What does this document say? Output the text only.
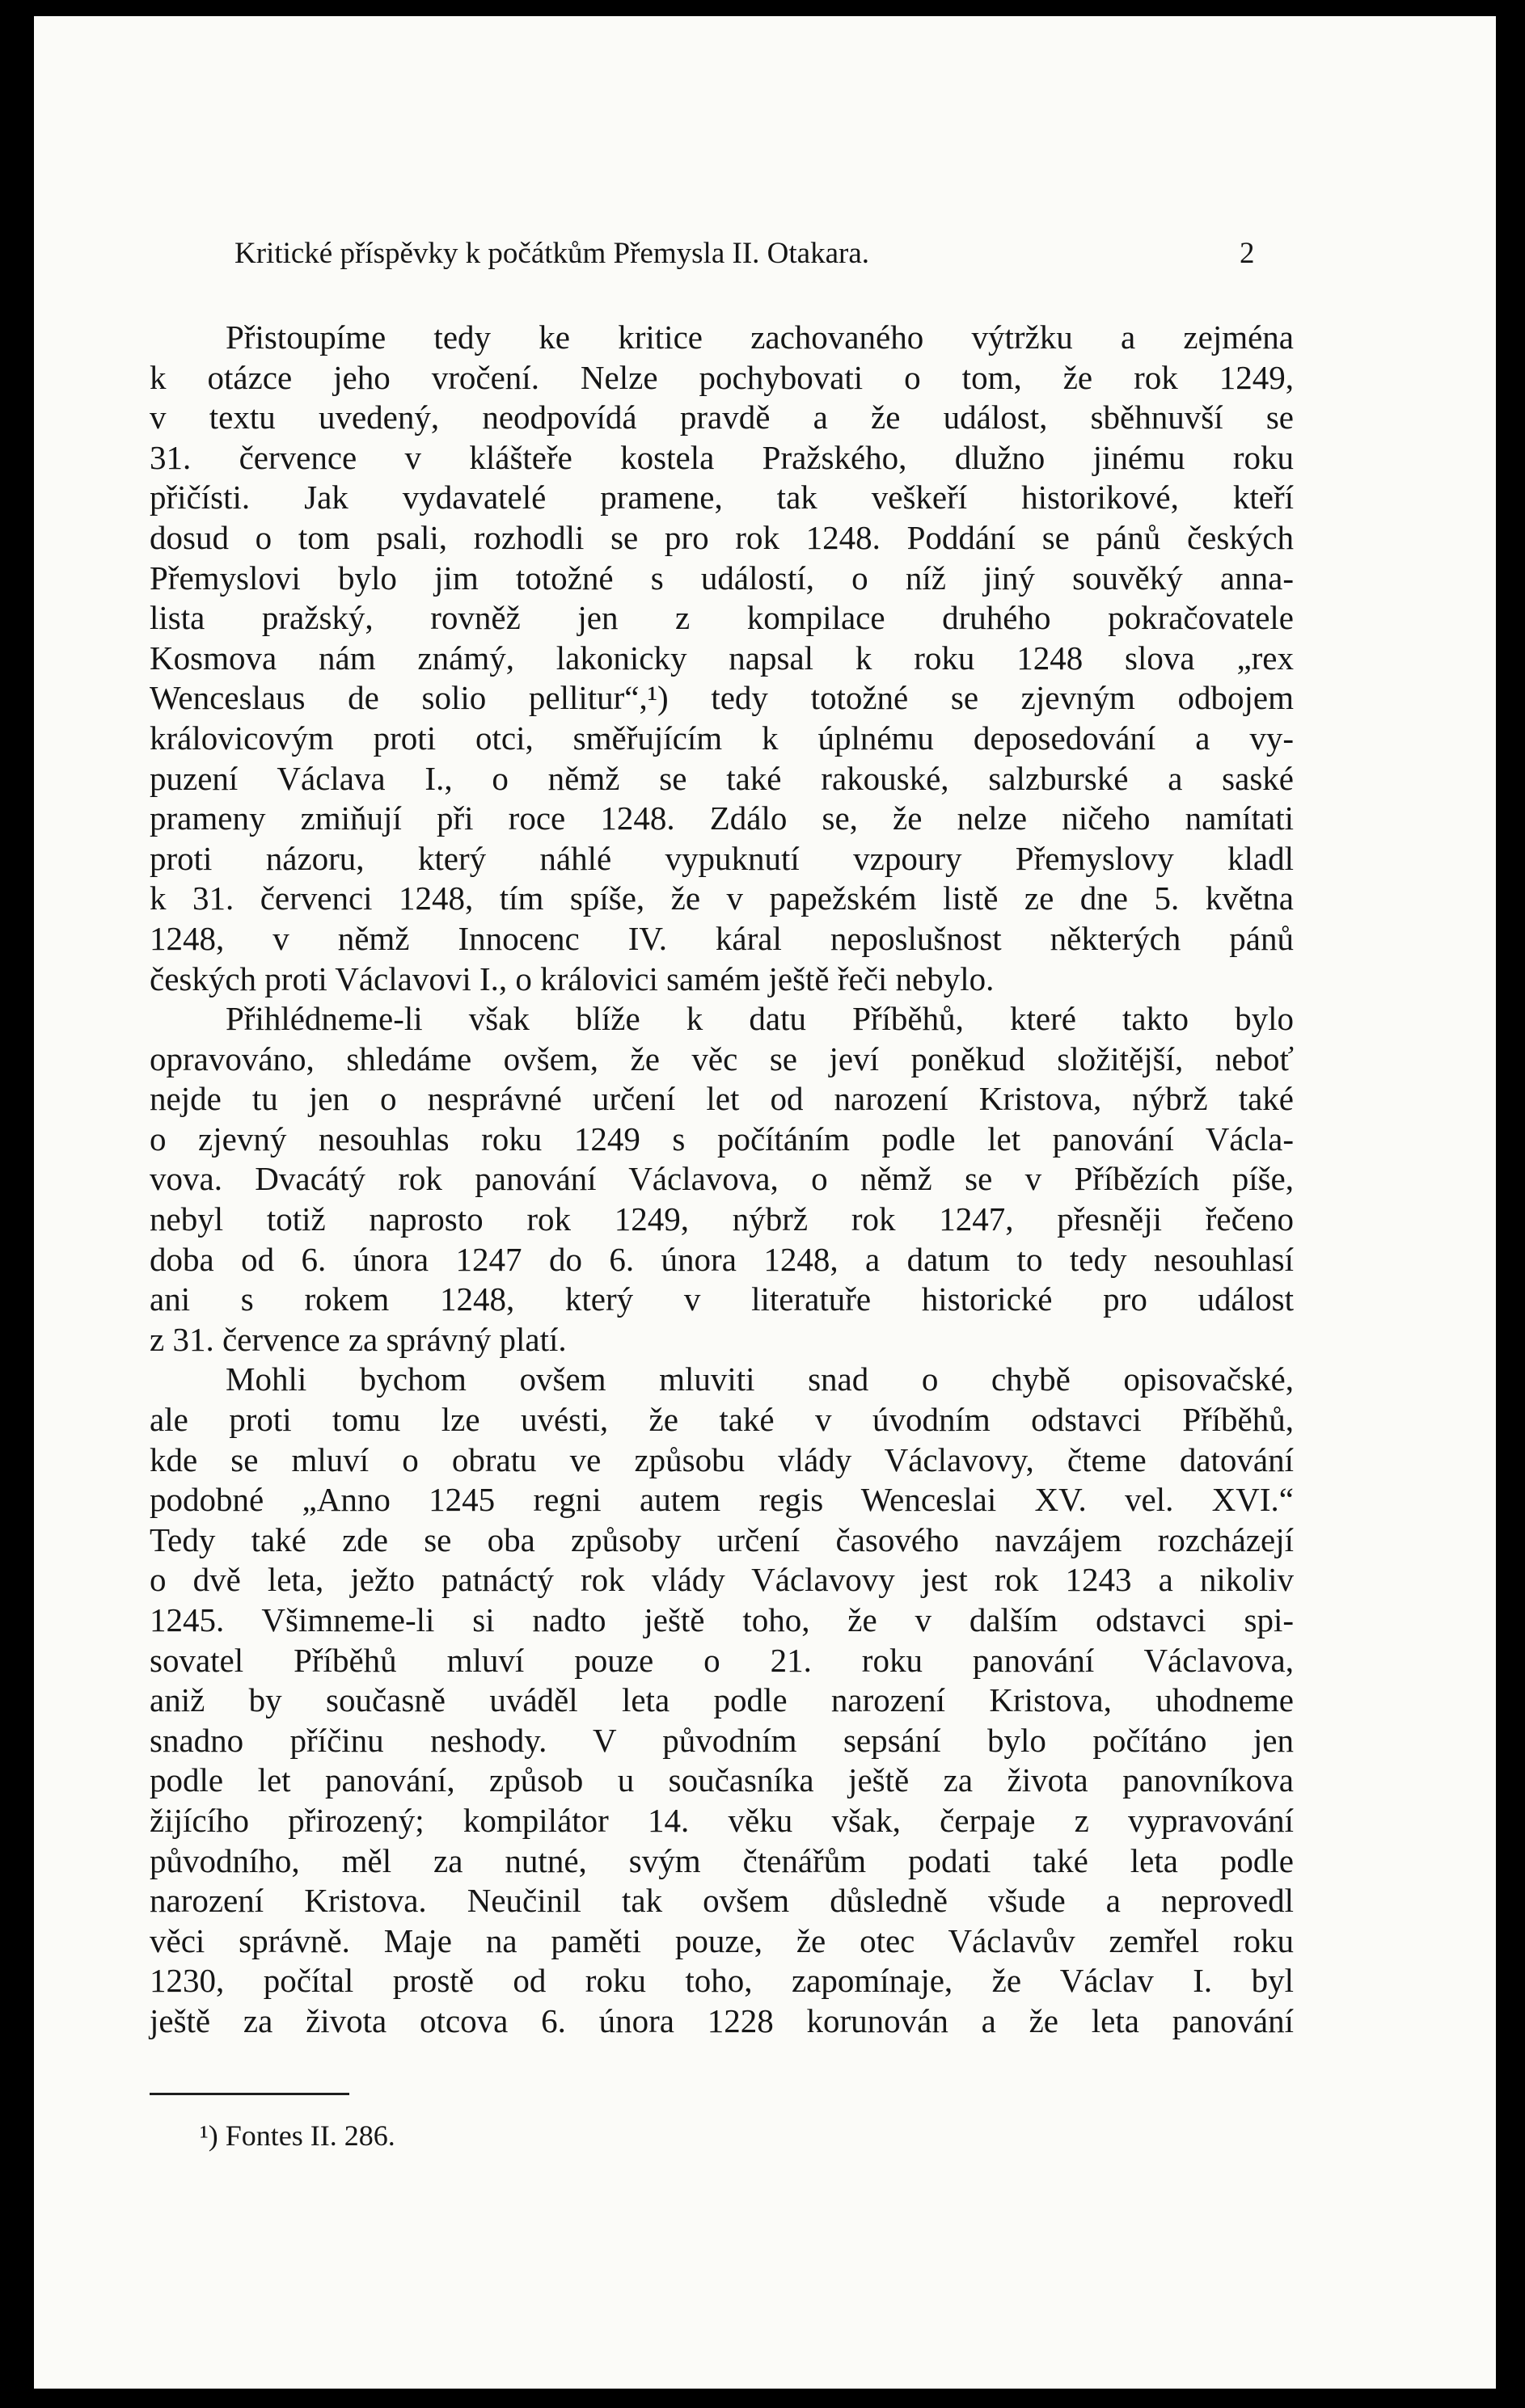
Kritické příspěvky k počátkům Přemysla II. Otakara.	2
Přistoupíme tedy ke kritice zachovaného výtržku a zejména
k otázce jeho vročení. Nelze pochybovati o tom, že rok 1249,
v textu uvedený, neodpovídá pravdě a že událost, sběhnuvší se
31. července v klášteře kostela Pražského, dlužno jinému roku
přičísti. Jak vydavatelé pramene, tak veškeří historikové, kteří
dosud o tom psali, rozhodli se pro rok 1248. Poddání se pánů českých
Přemyslovi bylo jim totožné s událostí, o níž jiný souvěký anna-
lista pražský, rovněž jen z kompilace druhého pokračovatele
Kosmova nám známý, lakonicky napsal k roku 1248 slova „rex
Wenceslaus de solio pellitur“,¹) tedy totožné se zjevným odbojem
královicovým proti otci, směřujícím k úplnému deposedování a vy-
puzení Václava I., o němž se také rakouské, salzburské a saské
prameny zmiňují při roce 1248. Zdálo se, že nelze ničeho namítati
proti názoru, který náhlé vypuknutí vzpoury Přemyslovy kladl
k 31. červenci 1248, tím spíše, že v papežském listě ze dne 5. května
1248, v němž Innocenc IV. káral neposlušnost některých pánů
českých proti Václavovi I., o královici samém ještě řeči nebylo.
Přihlédneme-li však blíže k datu Příběhů, které takto bylo
opravováno, shledáme ovšem, že věc se jeví poněkud složitější, neboť
nejde tu jen o nesprávné určení let od narození Kristova, nýbrž také
o zjevný nesouhlas roku 1249 s počítáním podle let panování Václa-
vova. Dvacátý rok panování Václavova, o němž se v Příbězích píše,
nebyl totiž naprosto rok 1249, nýbrž rok 1247, přesněji řečeno
doba od 6. února 1247 do 6. února 1248, a datum to tedy nesouhlasí
ani s rokem 1248, který v literatuře historické pro událost
z 31. července za správný platí.
Mohli bychom ovšem mluviti snad o chybě opisovačské,
ale proti tomu lze uvésti, že také v úvodním odstavci Příběhů,
kde se mluví o obratu ve způsobu vlády Václavovy, čteme datování
podobné „Anno 1245 regni autem regis Wenceslai XV. vel. XVI.“
Tedy také zde se oba způsoby určení časového navzájem rozcházejí
o dvě leta, ježto patnáctý rok vlády Václavovy jest rok 1243 a nikoliv
1245. Všimneme-li si nadto ještě toho, že v dalším odstavci spi-
sovatel Příběhů mluví pouze o 21. roku panování Václavova,
aniž by současně uváděl leta podle narození Kristova, uhodneme
snadno příčinu neshody. V původním sepsání bylo počítáno jen
podle let panování, způsob u současníka ještě za života panovníkova
žijícího přirozený; kompilátor 14. věku však, čerpaje z vypravování
původního, měl za nutné, svým čtenářům podati také leta podle
narození Kristova. Neučinil tak ovšem důsledně všude a neprovedl
věci správně. Maje na paměti pouze, že otec Václavův zemřel roku
1230, počítal prostě od roku toho, zapomínaje, že Václav I. byl
ještě za života otcova 6. února 1228 korunován a že leta panování
¹) Fontes II. 286.
